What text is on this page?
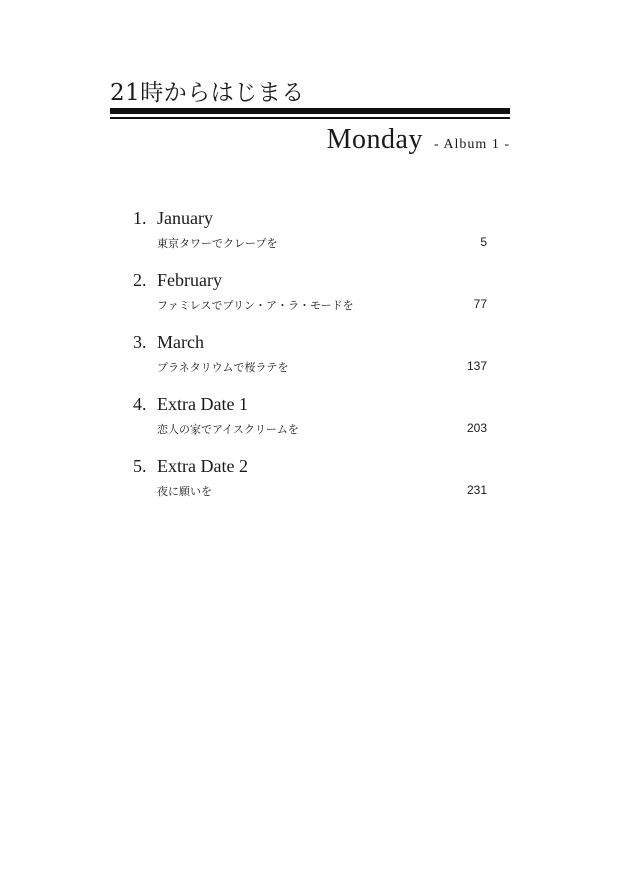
21時からはじまる
Monday - Album 1 -
1. January
東京タワーでクレープを	5
2. February
ファミレスでプリン・ア・ラ・モードを	77
3. March
プラネタリウムで桜ラテを	137
4. Extra Date 1
恋人の家でアイスクリームを	203
5. Extra Date 2
夜に願いを	231
